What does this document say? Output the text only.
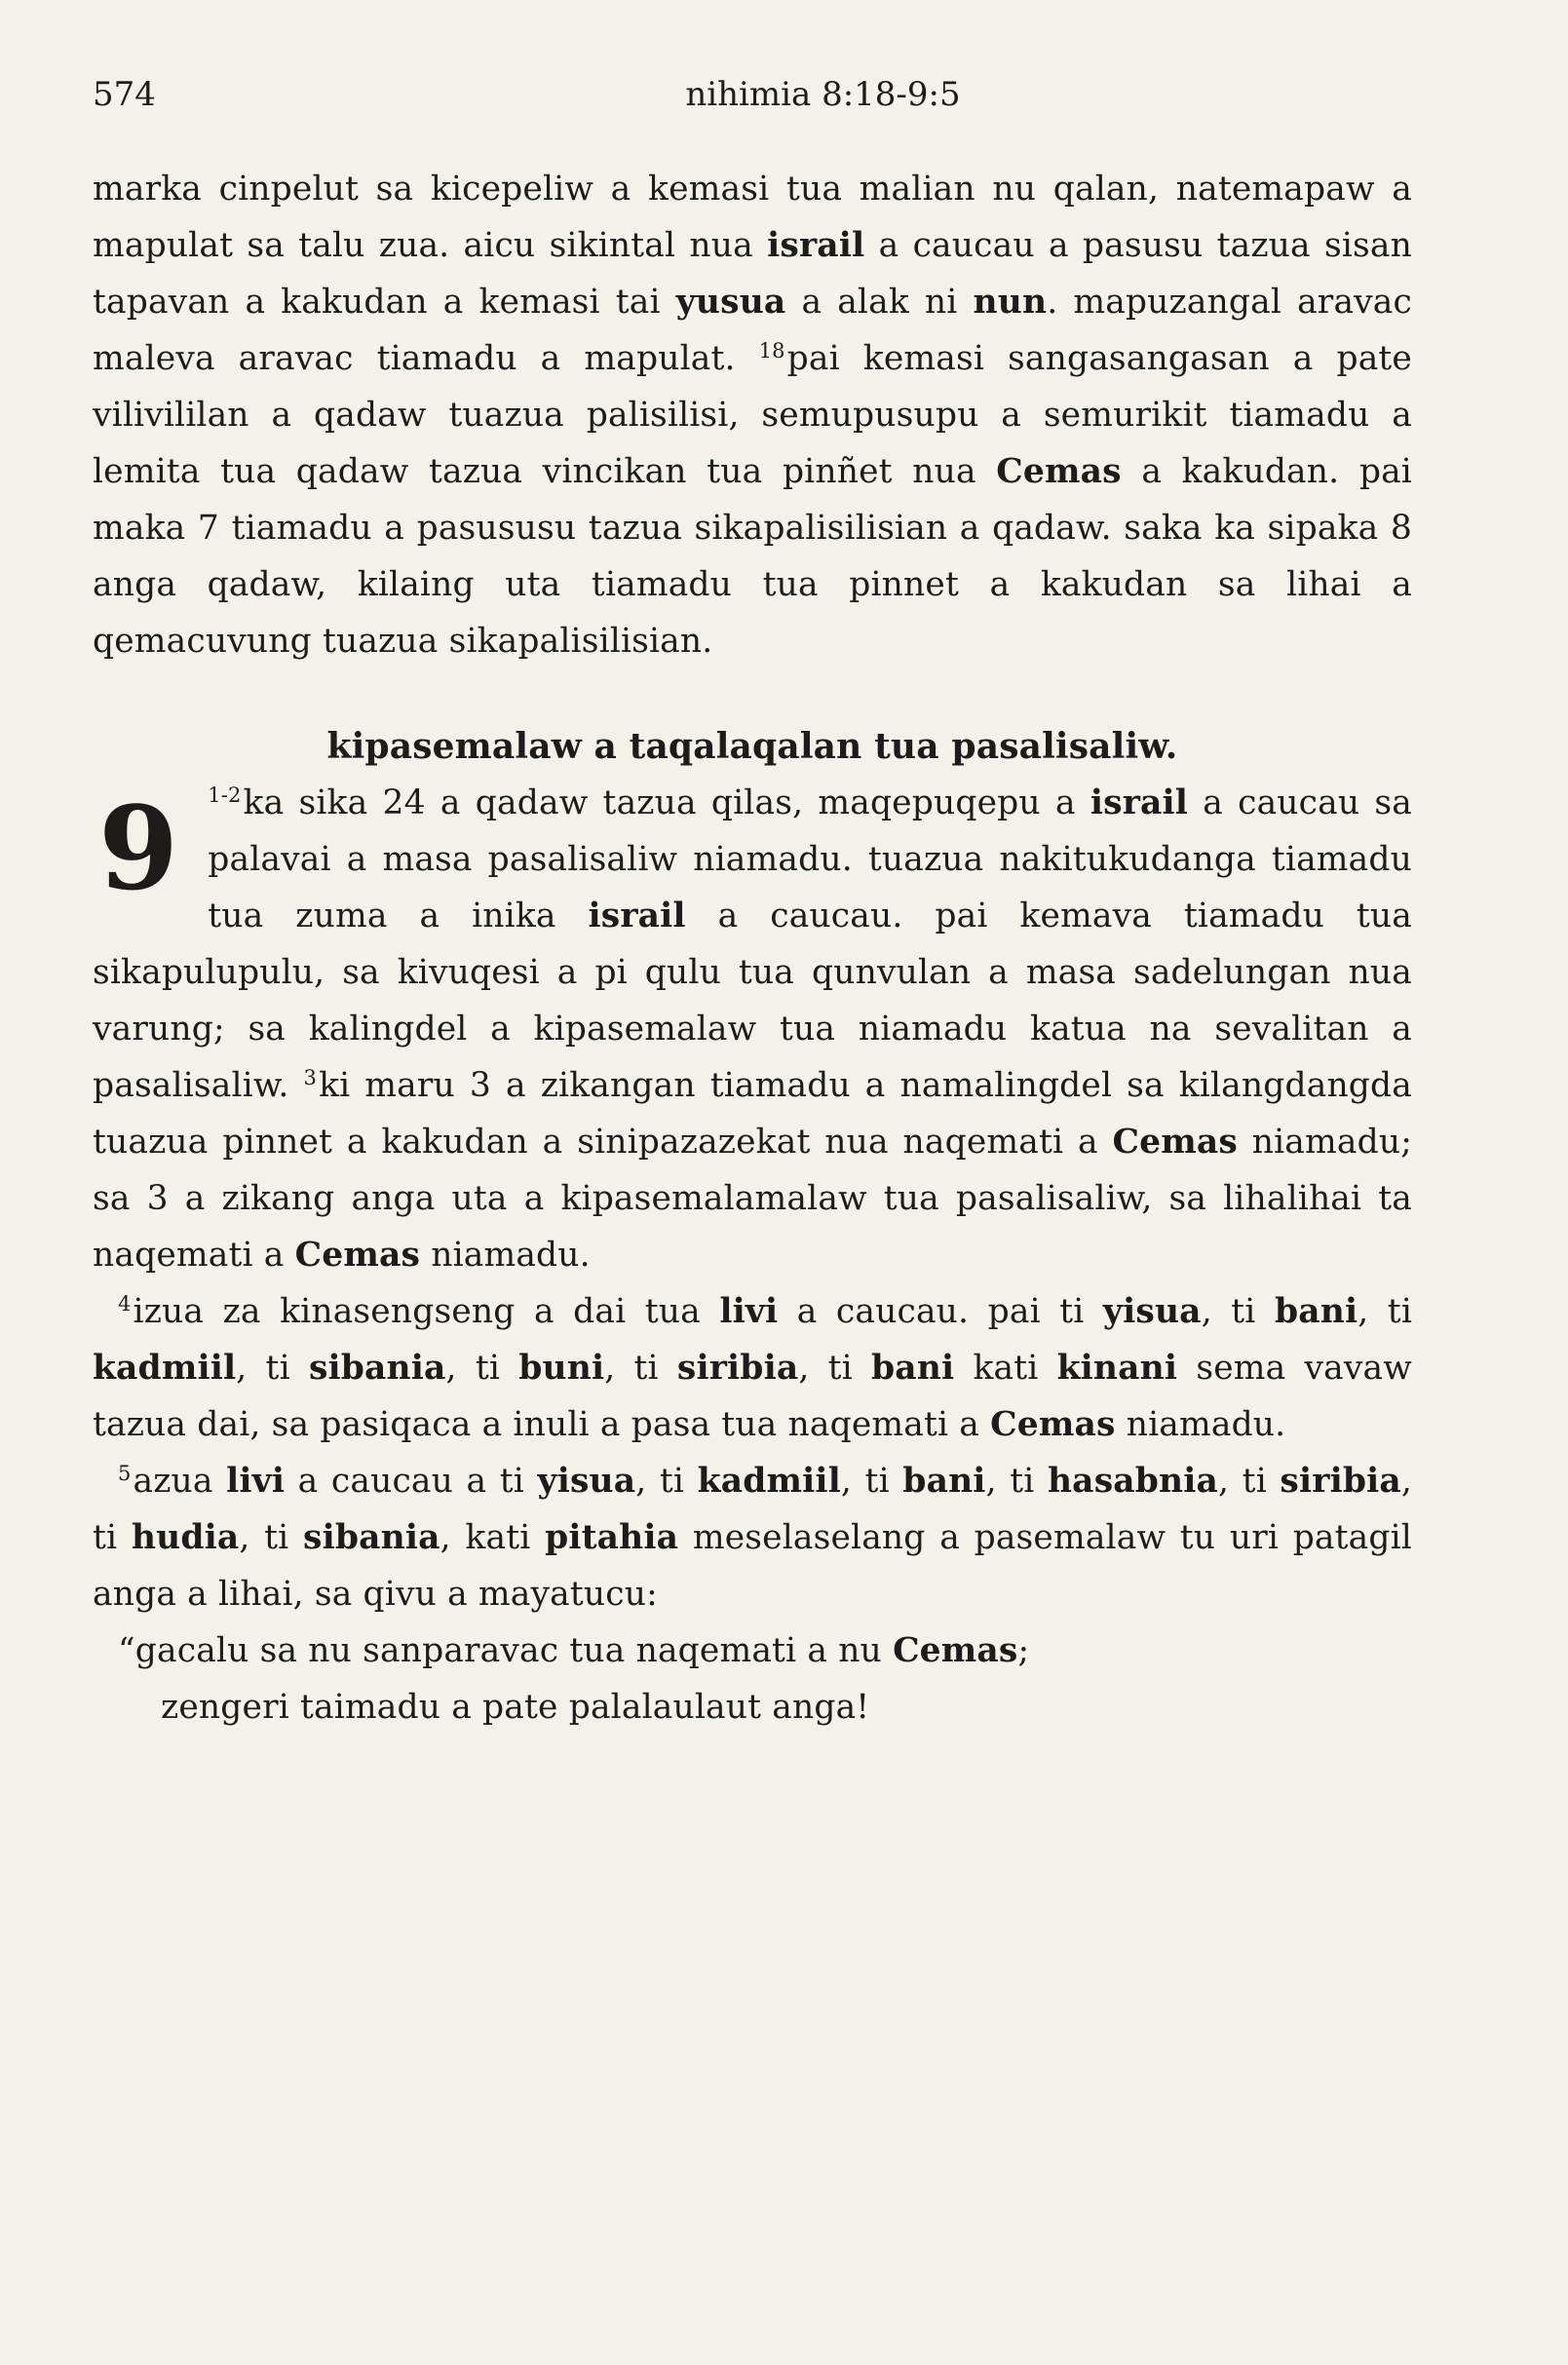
574	nihimia 8:18-9:5

marka cinpelut sa kicepeliw a kemasi tua malian nu qalan, natemapaw a mapulat sa talu zua. aicu sikintal nua israil a caucau a pasusu tazua sisan tapavan a kakudan a kemasi tai yusua a alak ni nun. mapuzangal aravac maleva aravac tiamadu a mapulat. $^{18}$pai kemasi sangasangasan a pate vilivililan a qadaw tuazua palisilisi, semupusupu a semurikit tiamadu a lemita tua qadaw tazua vincikan tua pinñet nua Cemas a kakudan. pai maka 7 tiamadu a pasususu tazua sikapalisilisian a qadaw. saka ka sipaka 8 anga qadaw, kilaing uta tiamadu tua pinnet a kakudan sa lihai a qemacuvung tuazua sikapalisilisian.

kipasemalaw a taqalaqalan tua pasalisaliw.

9 $^{1-2}$ka sika 24 a qadaw tazua qilas, maqepuqepu a israil a caucau sa palavai a masa pasalisaliw niamadu. tuazua nakitukudanga tiamadu tua zuma a inika israil a caucau. pai kemava tiamadu tua sikapulupulu, sa kivuqesi a pi qulu tua qunvulan a masa sadelungan nua varung; sa kalingdel a kipasemalaw tua niamadu katua na sevalitan a pasalisaliw. $^3$ki maru 3 a zikangan tiamadu a namalingdel sa kilangdangda tuazua pinnet a kakudan a sinipazazekat nua naqemati a Cemas niamadu; sa 3 a zikang anga uta a kipasemalamalaw tua pasalisaliw, sa lihalihai ta naqemati a Cemas niamadu.

$^4$izua za kinasengseng a dai tua livi a caucau. pai ti yisua, ti bani, ti kadmiil, ti sibania, ti buni, ti siribia, ti bani kati kinani sema vavaw tazua dai, sa pasiqaca a inuli a pasa tua naqemati a Cemas niamadu.

$^5$azua livi a caucau a ti yisua, ti kadmiil, ti bani, ti hasabnia, ti siribia, ti hudia, ti sibania, kati pitahia meselaselang a pasemalaw tu uri patagil anga a lihai, sa qivu a mayatucu:

“gacalu sa nu sanparavac tua naqemati a nu Cemas;
zengeri taimadu a pate palalaulaut anga!
